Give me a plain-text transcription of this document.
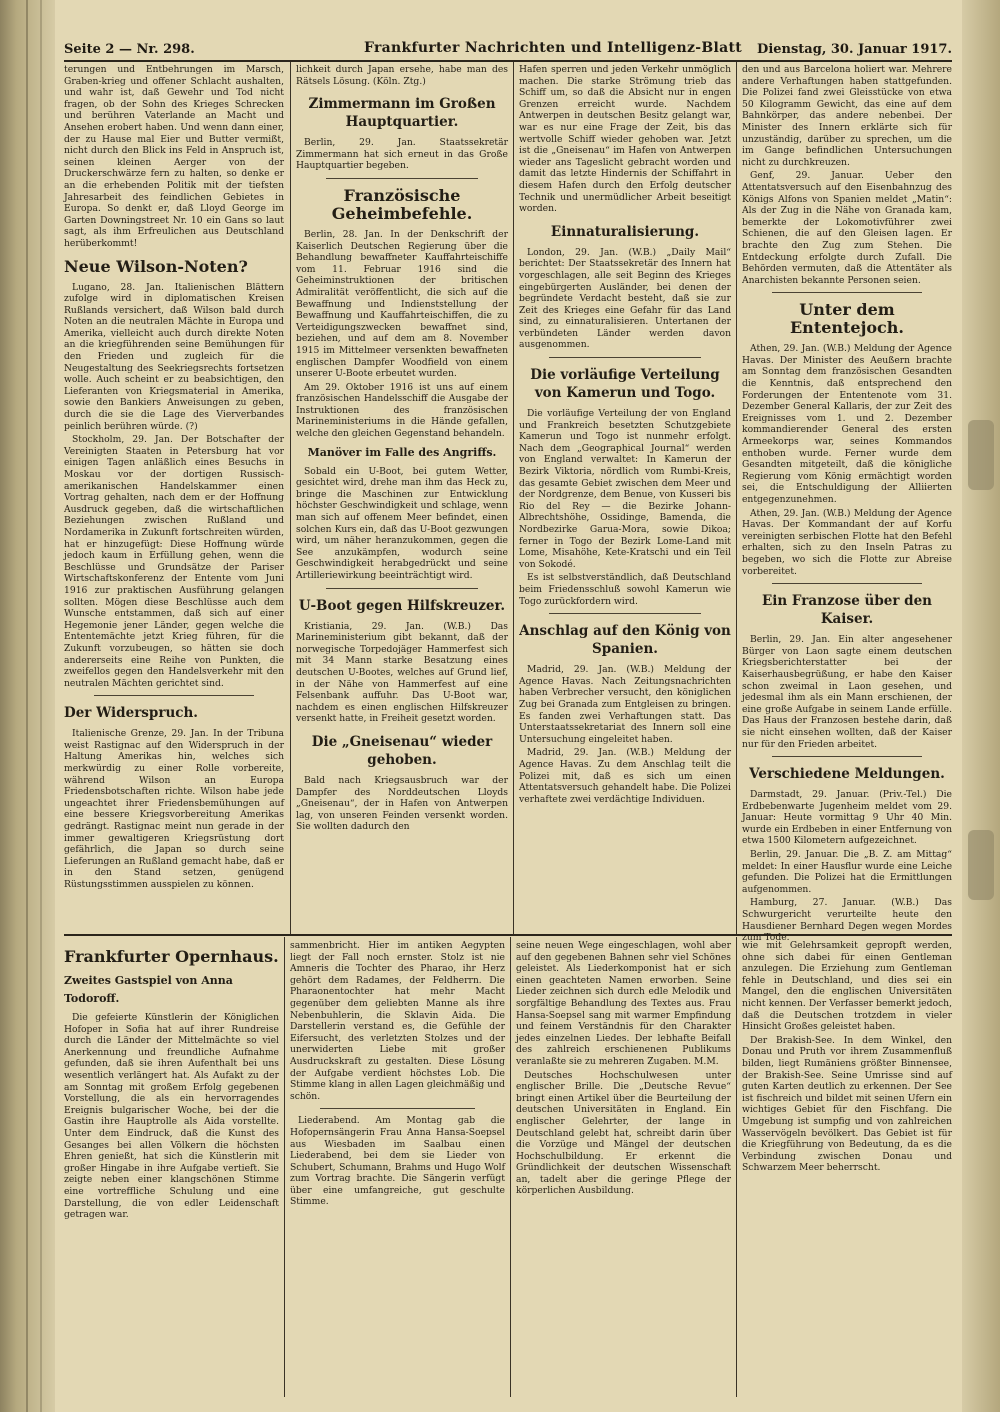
Seite 2 — Nr. 298.	Frankfurter Nachrichten und Intelligenz-Blatt Dienstag, 30. Januar 1917.

terungen und Entbehrungen im Marsch, Graben-krieg und offener Schlacht aushalten, und wahr ist, daß Gewehr und Tod nicht fragen, ob der Sohn des Krieges Schrecken und berühren Vaterlande an Macht und Ansehen erobert haben. Und wenn dann einer, der zu Hause mal Eier und Butter vermißt, nicht durch den Blick ins Feld in Anspruch ist, seinen kleinen Aerger von der Druckerschwärze fern zu halten, so denke er an die erhebenden Politik mit der tiefsten Jahresarbeit des feindlichen Gebietes in Europa. So denkt er, daß Lloyd George im Garten Downingstreet Nr. 10 ein Gans so laut sagt, als ihm Erfreulichen aus Deutschland herüberkommt!

Neue Wilson-Noten?

Lugano, 28. Jan. Italienischen Blättern zufolge wird in diplomatischen Kreisen Rußlands versichert, daß Wilson bald durch Noten an die neutralen Mächte in Europa und Amerika, vielleicht auch durch direkte Noten an die kriegführenden seine Bemühungen für den Frieden und zugleich für die Neugestaltung des Seekriegsrechts fortsetzen wolle. Auch scheint er zu beabsichtigen, den Lieferanten von Kriegsmaterial in Amerika, sowie den Bankiers Anweisungen zu geben, durch die sie die Lage des Vierverbandes peinlich berühren würde. (?)

Stockholm, 29. Jan. Der Botschafter der Vereinigten Staaten in Petersburg hat vor einigen Tagen anläßlich eines Besuchs in Moskau vor der dortigen Russisch-amerikanischen Handelskammer einen Vortrag gehalten, nach dem er der Hoffnung Ausdruck gegeben, daß die wirtschaftlichen Beziehungen zwischen Rußland und Nordamerika in Zukunft fortschreiten würden, hat er hinzugefügt: Diese Hoffnung würde jedoch kaum in Erfüllung gehen, wenn die Beschlüsse und Grundsätze der Pariser Wirtschaftskonferenz der Entente vom Juni 1916 zur praktischen Ausführung gelangen sollten. Mögen diese Beschlüsse auch dem Wunsche entstammen, daß sich auf einer Hegemonie jener Länder, gegen welche die Ententemächte jetzt Krieg führen, für die Zukunft vorzubeugen, so hätten sie doch andererseits eine Reihe von Punkten, die zweifellos gegen den Handelsverkehr mit den neutralen Mächten gerichtet sind.

Der Widerspruch.

Italienische Grenze, 29. Jan. In der Tribuna weist Rastignac auf den Widerspruch in der Haltung Amerikas hin, welches sich merkwürdig zu einer Rolle vorbereite, während Wilson an Europa Friedensbotschaften richte. Wilson habe jede ungeachtet ihrer Friedensbemühungen auf eine bessere Kriegsvorbereitung Amerikas gedrängt. Rastignac meint nun gerade in der immer gewaltigeren Kriegsrüstung dort gefährlich, die Japan so durch seine Lieferungen an Rußland gemacht habe, daß er in den Stand setzen, genügend Rüstungsstimmen ausspielen zu können.

lichkeit durch Japan ersehe, habe man des Rätsels Lösung. (Köln. Ztg.)

Zimmermann im Großen Hauptquartier.

Berlin, 29. Jan. Staatssekretär Zimmermann hat sich erneut in das Große Hauptquartier begeben.

Französische Geheimbefehle.

Berlin, 28. Jan. In der Denkschrift der Kaiserlich Deutschen Regierung über die Behandlung bewaffneter Kauffahrteischiffe vom 11. Februar 1916 sind die Geheiminstruktionen der britischen Admiralität veröffentlicht, die sich auf die Bewaffnung und Indienststellung der Bewaffnung und Kauffahrteischiffen, die zu Verteidigungszwecken bewaffnet sind, beziehen, und auf dem am 8. November 1915 im Mittelmeer versenkten bewaffneten englischen Dampfer Woodfield von einem unserer U-Boote erbeutet wurden.

Am 29. Oktober 1916 ist uns auf einem französischen Handelsschiff die Ausgabe der Instruktionen des französischen Marineministeriums in die Hände gefallen, welche den gleichen Gegenstand behandeln.

Manöver im Falle des Angriffs.

Sobald ein U-Boot, bei gutem Wetter, gesichtet wird, drehe man ihm das Heck zu, bringe die Maschinen zur Entwicklung höchster Geschwindigkeit und schlage, wenn man sich auf offenem Meer befindet, einen solchen Kurs ein, daß das U-Boot gezwungen wird, um näher heranzukommen, gegen die See anzukämpfen, wodurch seine Geschwindigkeit herabgedrückt und seine Artilleriewirkung beeinträchtigt wird.

U-Boot gegen Hilfskreuzer.

Kristiania, 29. Jan. (W.B.) Das Marineministerium gibt bekannt, daß der norwegische Torpedojäger Hammerfest sich mit 34 Mann starke Besatzung eines deutschen U-Bootes, welches auf Grund lief, in der Nähe von Hammerfest auf eine Felsenbank auffuhr. Das U-Boot war, nachdem es einen englischen Hilfskreuzer versenkt hatte, in Freiheit gesetzt worden.

Die „Gneisenau“ wieder gehoben.

Bald nach Kriegsausbruch war der Dampfer des Norddeutschen Lloyds „Gneisenau“, der in Hafen von Antwerpen lag, von unseren Feinden versenkt worden. Sie wollten dadurch den

Hafen sperren und jeden Verkehr unmöglich machen. Die starke Strömung trieb das Schiff um, so daß die Absicht nur in engen Grenzen erreicht wurde. Nachdem Antwerpen in deutschen Besitz gelangt war, war es nur eine Frage der Zeit, bis das wertvolle Schiff wieder gehoben war. Jetzt ist die „Gneisenau“ im Hafen von Antwerpen wieder ans Tageslicht gebracht worden und damit das letzte Hindernis der Schiffahrt in diesem Hafen durch den Erfolg deutscher Technik und unermüdlicher Arbeit beseitigt worden.

Einnaturalisierung.

London, 29. Jan. (W.B.) „Daily Mail“ berichtet: Der Staatssekretär des Innern hat vorgeschlagen, alle seit Beginn des Krieges eingebürgerten Ausländer, bei denen der begründete Verdacht besteht, daß sie zur Zeit des Krieges eine Gefahr für das Land sind, zu einnaturalisieren. Untertanen der verbündeten Länder werden davon ausgenommen.

Die vorläufige Verteilung von Kamerun und Togo.

Die vorläufige Verteilung der von England und Frankreich besetzten Schutzgebiete Kamerun und Togo ist nunmehr erfolgt. Nach dem „Geographical Journal“ werden von England verwaltet: In Kamerun der Bezirk Viktoria, nördlich vom Rumbi-Kreis, das gesamte Gebiet zwischen dem Meer und der Nordgrenze, dem Benue, von Kusseri bis Rio del Rey — die Bezirke Johann-Albrechtshöhe, Ossidinge, Bamenda, die Nordbezirke Garua-Mora, sowie Dikoa; ferner in Togo der Bezirk Lome-Land mit Lome, Misahöhe, Kete-Kratschi und ein Teil von Sokodé.

Es ist selbstverständlich, daß Deutschland beim Friedensschluß sowohl Kamerun wie Togo zurückfordern wird.

Anschlag auf den König von Spanien.

Madrid, 29. Jan. (W.B.) Meldung der Agence Havas. Nach Zeitungsnachrichten haben Verbrecher versucht, den königlichen Zug bei Granada zum Entgleisen zu bringen. Es fanden zwei Verhaftungen statt. Das Unterstaatssekretariat des Innern soll eine Untersuchung eingeleitet haben.

Madrid, 29. Jan. (W.B.) Meldung der Agence Havas. Zu dem Anschlag teilt die Polizei mit, daß es sich um einen Attentatsversuch gehandelt habe. Die Polizei verhaftete zwei verdächtige Individuen.

den und aus Barcelona holiert war. Mehrere andere Verhaftungen haben stattgefunden. Die Polizei fand zwei Gleisstücke von etwa 50 Kilogramm Gewicht, das eine auf dem Bahnkörper, das andere nebenbei. Der Minister des Innern erklärte sich für unzuständig, darüber zu sprechen, um die im Gange befindlichen Untersuchungen nicht zu durchkreuzen.

Genf, 29. Januar. Ueber den Attentatsversuch auf den Eisenbahnzug des Königs Alfons von Spanien meldet „Matin“: Als der Zug in die Nähe von Granada kam, bemerkte der Lokomotivführer zwei Schienen, die auf den Gleisen lagen. Er brachte den Zug zum Stehen. Die Entdeckung erfolgte durch Zufall. Die Behörden vermuten, daß die Attentäter als Anarchisten bekannte Personen seien.

Unter dem Ententejoch.

Athen, 29. Jan. (W.B.) Meldung der Agence Havas. Der Minister des Aeußern brachte am Sonntag dem französischen Gesandten die Kenntnis, daß entsprechend den Forderungen der Ententenote vom 31. Dezember General Kallaris, der zur Zeit des Ereignisses vom 1. und 2. Dezember kommandierender General des ersten Armeekorps war, seines Kommandos enthoben wurde. Ferner wurde dem Gesandten mitgeteilt, daß die königliche Regierung vom König ermächtigt worden sei, die Entschuldigung der Alliierten entgegenzunehmen.

Athen, 29. Jan. (W.B.) Meldung der Agence Havas. Der Kommandant der auf Korfu vereinigten serbischen Flotte hat den Befehl erhalten, sich zu den Inseln Patras zu begeben, wo sich die Flotte zur Abreise vorbereitet.

Ein Franzose über den Kaiser.

Berlin, 29. Jan. Ein alter angesehener Bürger von Laon sagte einem deutschen Kriegsberichterstatter bei der Kaiserhausbegrüßung, er habe den Kaiser schon zweimal in Laon gesehen, und jedesmal ihm als ein Mann erschienen, der eine große Aufgabe in seinem Lande erfülle. Das Haus der Franzosen bestehe darin, daß sie nicht einsehen wollten, daß der Kaiser nur für den Frieden arbeitet.

Verschiedene Meldungen.

Darmstadt, 29. Januar. (Priv.-Tel.) Die Erdbebenwarte Jugenheim meldet vom 29. Januar: Heute vormittag 9 Uhr 40 Min. wurde ein Erdbeben in einer Entfernung von etwa 1500 Kilometern aufgezeichnet.

Berlin, 29. Januar. Die „B. Z. am Mittag“ meldet: In einer Hausflur wurde eine Leiche gefunden. Die Polizei hat die Ermittlungen aufgenommen.

Hamburg, 27. Januar. (W.B.) Das Schwurgericht verurteilte heute den Hausdiener Bernhard Degen wegen Mordes zum Tode.

Frankfurter Opernhaus.
Zweites Gastspiel von Anna Todoroff.

Die gefeierte Künstlerin der Königlichen Hofoper in Sofia hat auf ihrer Rundreise durch die Länder der Mittelmächte so viel Anerkennung und freundliche Aufnahme gefunden, daß sie ihren Aufenthalt bei uns wesentlich verlängert hat. Als Aufakt zu der am Sonntag mit großem Erfolg gegebenen Vorstellung, die als ein hervorragendes Ereignis bulgarischer Woche, bei der die Gastin ihre Hauptrolle als Aida vorstellte. Unter dem Eindruck, daß die Kunst des Gesanges bei allen Völkern die höchsten Ehren genießt, hat sich die Künstlerin mit großer Hingabe in ihre Aufgabe vertieft. Sie zeigte neben einer klangschönen Stimme eine vortreffliche Schulung und eine Darstellung, die von edler Leidenschaft getragen war.

sammenbricht. Hier im antiken Aegypten liegt der Fall noch ernster. Stolz ist nie Amneris die Tochter des Pharao, ihr Herz gehört dem Radames, der Feldherrn. Die Pharaonentochter hat mehr Macht gegenüber dem geliebten Manne als ihre Nebenbuhlerin, die Sklavin Aida. Die Darstellerin verstand es, die Gefühle der Eifersucht, des verletzten Stolzes und der unerwiderten Liebe mit großer Ausdruckskraft zu gestalten. Diese Lösung der Aufgabe verdient höchstes Lob. Die Stimme klang in allen Lagen gleichmäßig und schön.

Liederabend. Am Montag gab die Hofopernsängerin Frau Anna Hansa-Soepsel aus Wiesbaden im Saalbau einen Liederabend, bei dem sie Lieder von Schubert, Schumann, Brahms und Hugo Wolf zum Vortrag brachte. Die Sängerin verfügt über eine umfangreiche, gut geschulte Stimme.

seine neuen Wege eingeschlagen, wohl aber auf den gegebenen Bahnen sehr viel Schönes geleistet. Als Liederkomponist hat er sich einen geachteten Namen erworben. Seine Lieder zeichnen sich durch edle Melodik und sorgfältige Behandlung des Textes aus. Frau Hansa-Soepsel sang mit warmer Empfindung und feinem Verständnis für den Charakter jedes einzelnen Liedes. Der lebhafte Beifall des zahlreich erschienenen Publikums veranlaßte sie zu mehreren Zugaben. M.M.

Deutsches Hochschulwesen unter englischer Brille. Die „Deutsche Revue“ bringt einen Artikel über die Beurteilung der deutschen Universitäten in England. Ein englischer Gelehrter, der lange in Deutschland gelebt hat, schreibt darin über die Vorzüge und Mängel der deutschen Hochschulbildung. Er erkennt die Gründlichkeit der deutschen Wissenschaft an, tadelt aber die geringe Pflege der körperlichen Ausbildung.

wie mit Gelehrsamkeit gepropft werden, ohne sich dabei für einen Gentleman anzulegen. Die Erziehung zum Gentleman fehle in Deutschland, und dies sei ein Mangel, den die englischen Universitäten nicht kennen. Der Verfasser bemerkt jedoch, daß die Deutschen trotzdem in vieler Hinsicht Großes geleistet haben.

Der Brakish-See. In dem Winkel, den Donau und Pruth vor ihrem Zusammenfluß bilden, liegt Rumäniens größter Binnensee, der Brakish-See. Seine Umrisse sind auf guten Karten deutlich zu erkennen. Der See ist fischreich und bildet mit seinen Ufern ein wichtiges Gebiet für den Fischfang. Die Umgebung ist sumpfig und von zahlreichen Wasservögeln bevölkert. Das Gebiet ist für die Kriegführung von Bedeutung, da es die Verbindung zwischen Donau und Schwarzem Meer beherrscht.
